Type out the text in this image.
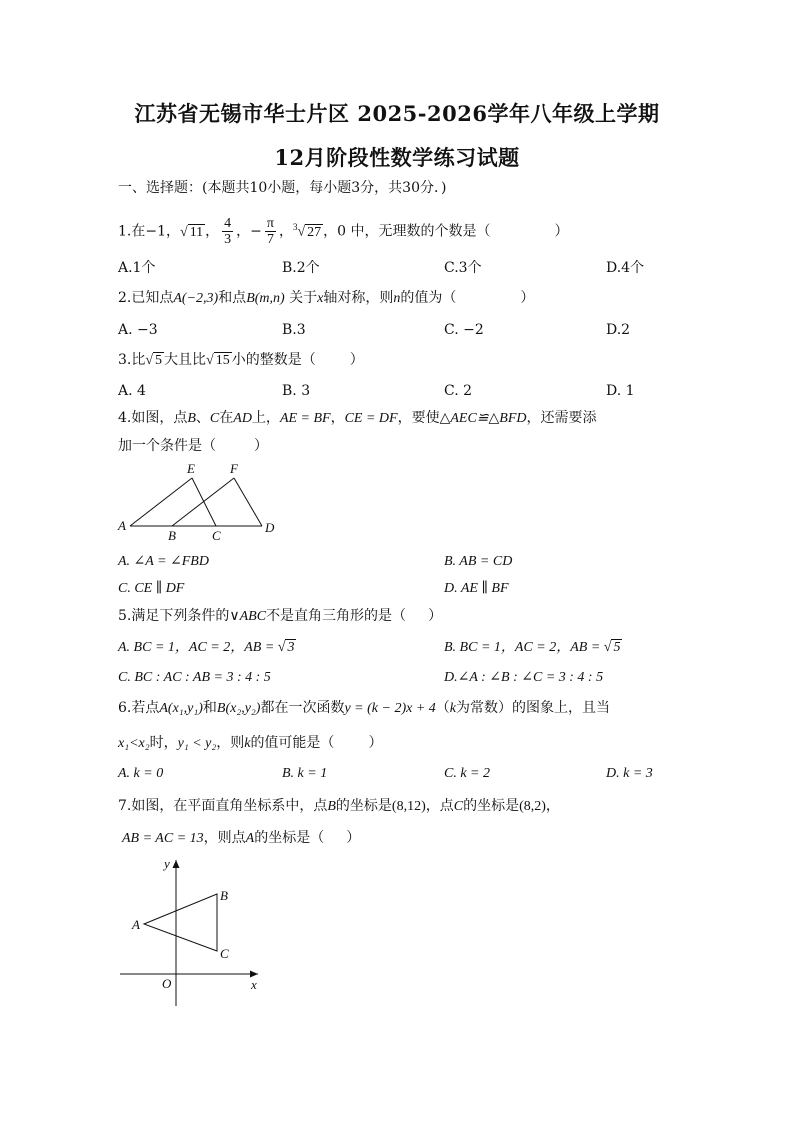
江苏省无锡市华士片区 2025-2026学年八年级上学期
12月阶段性数学练习试题
一、选择题：(本题共10小题，每小题3分，共30分．)
1.在−1，√ 11 ， $\frac{4}{3}$ ，− $\frac{\pi}{7}$ ，$^3$√ 27 ，0 中，无理数的个数是（	）
A.1个	B.2个	C.3个	D.4个
2.已知点A(−2,3)和点B(m,n) 关于x轴对称，则n的值为（	）
A. −3	B.3	C. −2	D.2
3.比√ 5 大且比√ 15 小的整数是（ ）
A. 4	B. 3	C. 2	D. 1
4.如图，点B、C在AD上，AE = BF，CE = DF，要使△AEC≌△BFD，还需要添
加一个条件是（	）
A
B	C
D
E	F
A. ∠A = ∠FBD	B. AB = CD
C. CE ∥ DF	D. AE ∥ BF
5.满足下列条件的∨ABC不是直角三角形的是（ ）
A. BC = 1，AC = 2，AB = √ 3	B. BC = 1，AC = 2，AB = √ 5
C. BC : AC : AB = 3 : 4 : 5	D.∠A : ∠B : ∠C = 3 : 4 : 5
6.若点A(x₁,y₁)和B(x₂,y₂)都在一次函数y = (k − 2)x + 4（k为常数）的图象上，且当
x₁<x₂时，y₁ < y₂，则k的值可能是（ ）
A. k = 0	B. k = 1	C. k = 2	D. k = 3
7.如图，在平面直角坐标系中，点B的坐标是(8,12)，点C的坐标是(8,2)，
AB = AC = 13，则点A的坐标是（ ）
A
B
C
O	x
y
